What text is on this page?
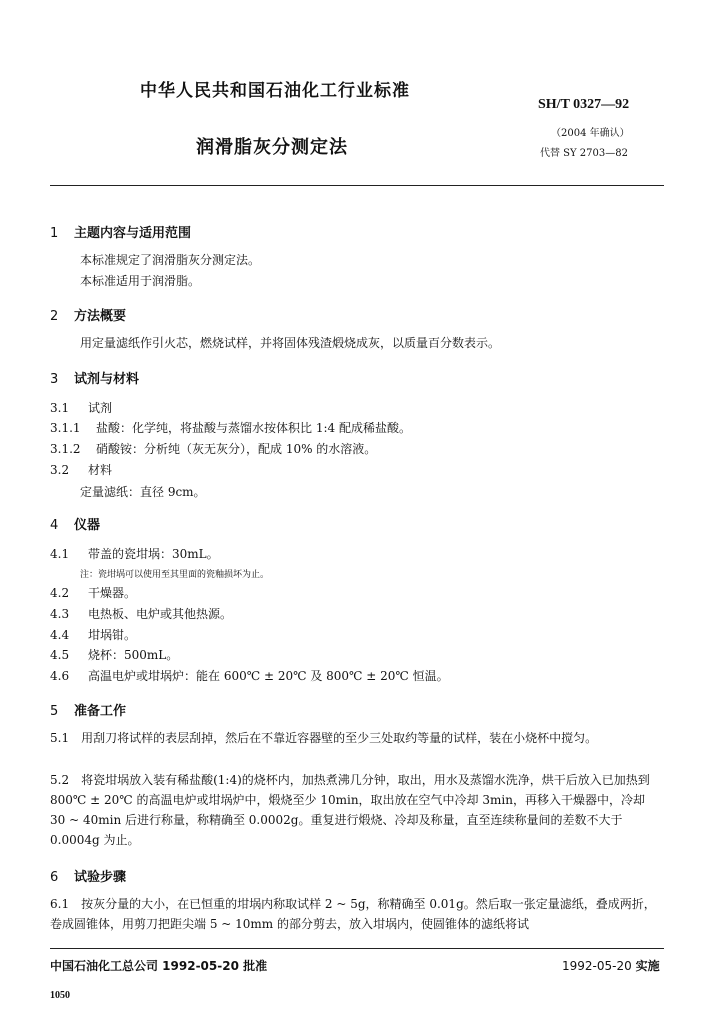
中华人民共和国石油化工行业标准
SH/T 0327—92
润滑脂灰分测定法
（2004 年确认）
代替 SY 2703—82
1 主题内容与适用范围
本标准规定了润滑脂灰分测定法。
本标准适用于润滑脂。
2 方法概要
用定量滤纸作引火芯，燃烧试样，并将固体残渣煅烧成灰，以质量百分数表示。
3 试剂与材料
3.1 试剂
3.1.1 盐酸：化学纯，将盐酸与蒸馏水按体积比 1:4 配成稀盐酸。
3.1.2 硝酸铵：分析纯（灰无灰分），配成 10% 的水溶液。
3.2 材料
定量滤纸：直径 9cm。
4 仪器
4.1 带盖的瓷坩埚：30mL。
注：瓷坩埚可以使用至其里面的瓷釉损坏为止。
4.2 干燥器。
4.3 电热板、电炉或其他热源。
4.4 坩埚钳。
4.5 烧杯：500mL。
4.6 高温电炉或坩埚炉：能在 600℃ ± 20℃ 及 800℃ ± 20℃ 恒温。
5 准备工作
5.1　用刮刀将试样的表层刮掉，然后在不靠近容器壁的至少三处取约等量的试样，装在小烧杯中搅匀。
5.2　将瓷坩埚放入装有稀盐酸(1:4)的烧杯内，加热煮沸几分钟，取出，用水及蒸馏水洗净，烘干后放入已加热到 800℃ ± 20℃ 的高温电炉或坩埚炉中，煅烧至少 10min，取出放在空气中冷却 3min，再移入干燥器中，冷却 30 ~ 40min 后进行称量，称精确至 0.0002g。重复进行煅烧、冷却及称量，直至连续称量间的差数不大于 0.0004g 为止。
6 试验步骤
6.1　按灰分量的大小，在已恒重的坩埚内称取试样 2 ~ 5g，称精确至 0.01g。然后取一张定量滤纸，叠成两折，卷成圆锥体，用剪刀把距尖端 5 ~ 10mm 的部分剪去，放入坩埚内，使圆锥体的滤纸将试
中国石油化工总公司 1992-05-20 批准	1992-05-20 实施
1050
